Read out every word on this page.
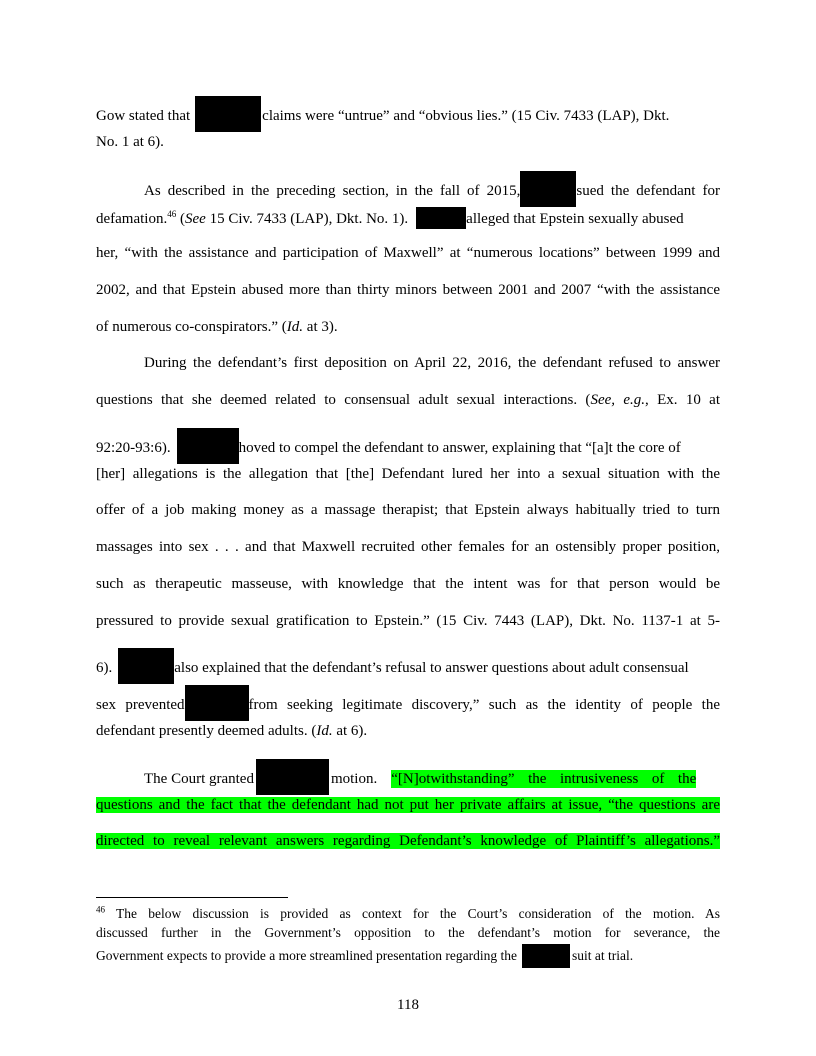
Gow stated that	claims were “untrue” and “obvious lies.” (15 Civ. 7433 (LAP), Dkt.
No. 1 at 6).
As described in the preceding section, in the fall of 2015,	sued the defendant for
defamation.$^{46}$ (See 15 Civ. 7433 (LAP), Dkt. No. 1).	alleged that Epstein sexually abused
her, “with the assistance and participation of Maxwell” at “numerous locations” between 1999 and
2002, and that Epstein abused more than thirty minors between 2001 and 2007 “with the assistance
of numerous co-conspirators.” (Id. at 3).
During the defendant’s first deposition on April 22, 2016, the defendant refused to answer
questions that she deemed related to consensual adult sexual interactions. (See, e.g., Ex. 10 at
92:20-93:6).	hoved to compel the defendant to answer, explaining that “[a]t the core of
[her] allegations is the allegation that [the] Defendant lured her into a sexual situation with the
offer of a job making money as a massage therapist; that Epstein always habitually tried to turn
massages into sex . . . and that Maxwell recruited other females for an ostensibly proper position,
such as therapeutic masseuse, with knowledge that the intent was for that person would be
pressured to provide sexual gratification to Epstein.” (15 Civ. 7443 (LAP), Dkt. No. 1137-1 at 5-
6).	also explained that the defendant’s refusal to answer questions about adult consensual
sex prevented	from seeking legitimate discovery,” such as the identity of people the
defendant presently deemed adults. (Id. at 6).
The Court granted	motion. “[N]otwithstanding” the intrusiveness of the
questions and the fact that the defendant had not put her private affairs at issue, “the questions are
directed to reveal relevant answers regarding Defendant’s knowledge of Plaintiff’s allegations.”
$^{46}$ The below discussion is provided as context for the Court’s consideration of the motion. As
discussed further in the Government’s opposition to the defendant’s motion for severance, the
Government expects to provide a more streamlined presentation regarding the	suit at trial.
118
